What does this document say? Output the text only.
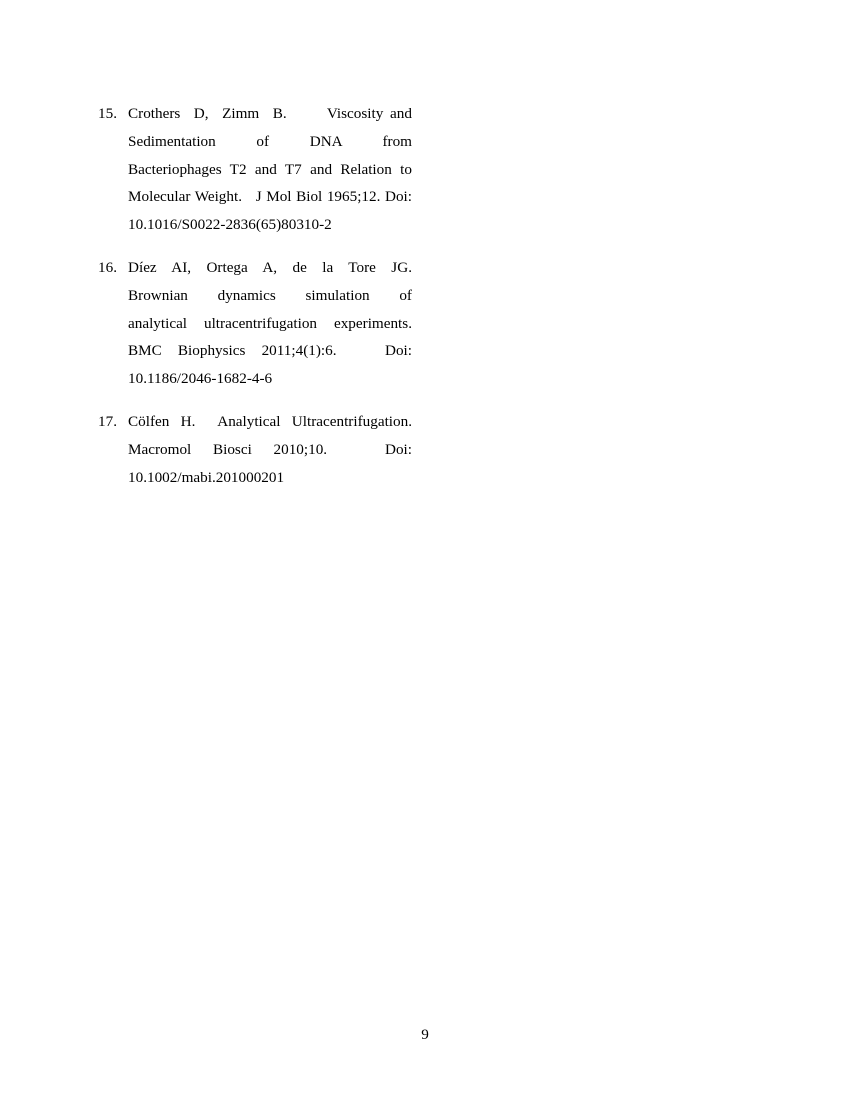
15. Crothers  D,  Zimm  B.      Viscosity and   Sedimentation   of   DNA   from Bacteriophages T2 and T7 and Relation to Molecular Weight.   J Mol Biol 1965;12. Doi: 10.1016/S0022-2836(65)80310-2
16. Díez  AI,  Ortega  A,  de  la  Tore  JG. Brownian    dynamics    simulation    of analytical ultracentrifugation experiments. BMC  Biophysics  2011;4(1):6.      Doi: 10.1186/2046-1682-4-6
17. Cölfen H.  Analytical Ultracentrifugation. Macromol   Biosci   2010;10.        Doi: 10.1002/mabi.201000201
9
